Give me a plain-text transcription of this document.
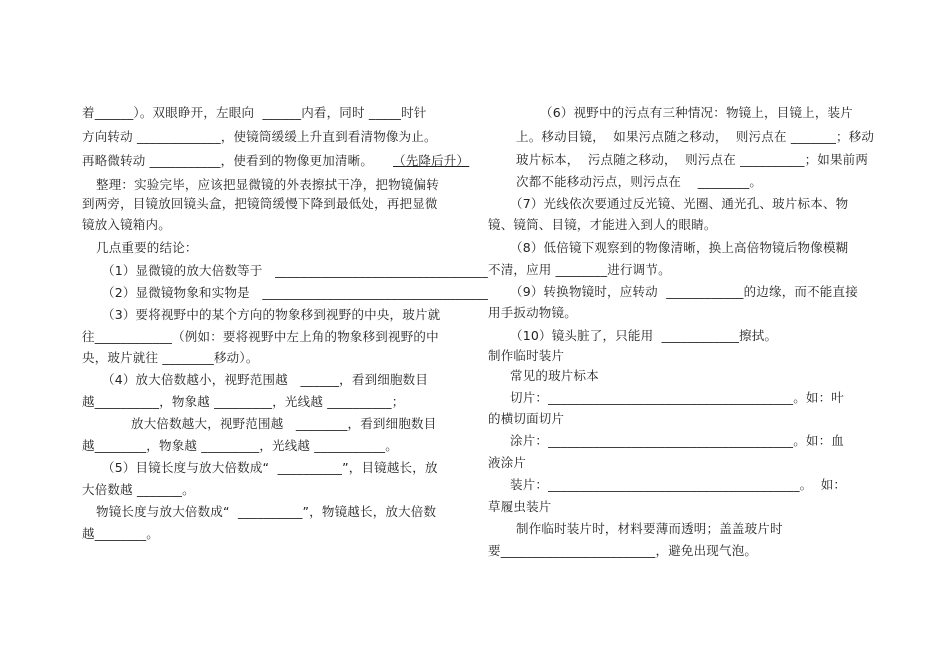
着______）。双眼睁开，左眼向  ______内看，同时 _____时针
方向转动 _____________，使镜筒缓缓上升直到看清物像为止。
再略微转动 ___________，使看到的物像更加清晰。 （先降后升）
整理：实验完毕，应该把显微镜的外表擦拭干净，把物镜偏转
到两旁，目镜放回镜头盒，把镜筒缓慢下降到最低处，再把显微
镜放入镜箱内。
几点重要的结论：
（1）显微镜的放大倍数等于   _________________________________
（2）显微镜物象和实物是   ___________________________________
（3）要将视野中的某个方向的物象移到视野的中央，玻片就
往____________（例如：要将视野中左上角的物象移到视野的中
央，玻片就往 ________移动）。
（4）放大倍数越小，视野范围越   ______，看到细胞数目
越__________，物象越 _________，光线越 __________；
放大倍数越大，视野范围越   ________，看到细胞数目
越________，物象越 _________，光线越 ___________。
（5）目镜长度与放大倍数成“  __________”，目镜越长，放
大倍数越 _______。
物镜长度与放大倍数成“  __________”，物镜越长，放大倍数
越________。
（6）视野中的污点有三种情况：物镜上，目镜上，装片
上。移动目镜，  如果污点随之移动，  则污点在 _______；移动
玻片标本，  污点随之移动，  则污点在 __________；如果前两
次都不能移动污点，则污点在    ________。
（7）光线依次要通过反光镜、光圈、通光孔、玻片标本、物
镜、镜筒、目镜，才能进入到人的眼睛。
（8）低倍镜下观察到的物像清晰，换上高倍物镜后物像模糊
不清，应用 ________进行调节。
（9）转换物镜时，应转动  ____________的边缘，而不能直接
用手扳动物镜。
（10）镜头脏了，只能用  ____________擦拭。
制作临时装片
常见的玻片标本
切片：______________________________________。如：叶
的横切面切片
涂片：______________________________________。如：血
液涂片
装片：_______________________________________。  如：
草履虫装片
制作临时装片时，材料要薄而透明；盖盖玻片时
要________________________，避免出现气泡。
